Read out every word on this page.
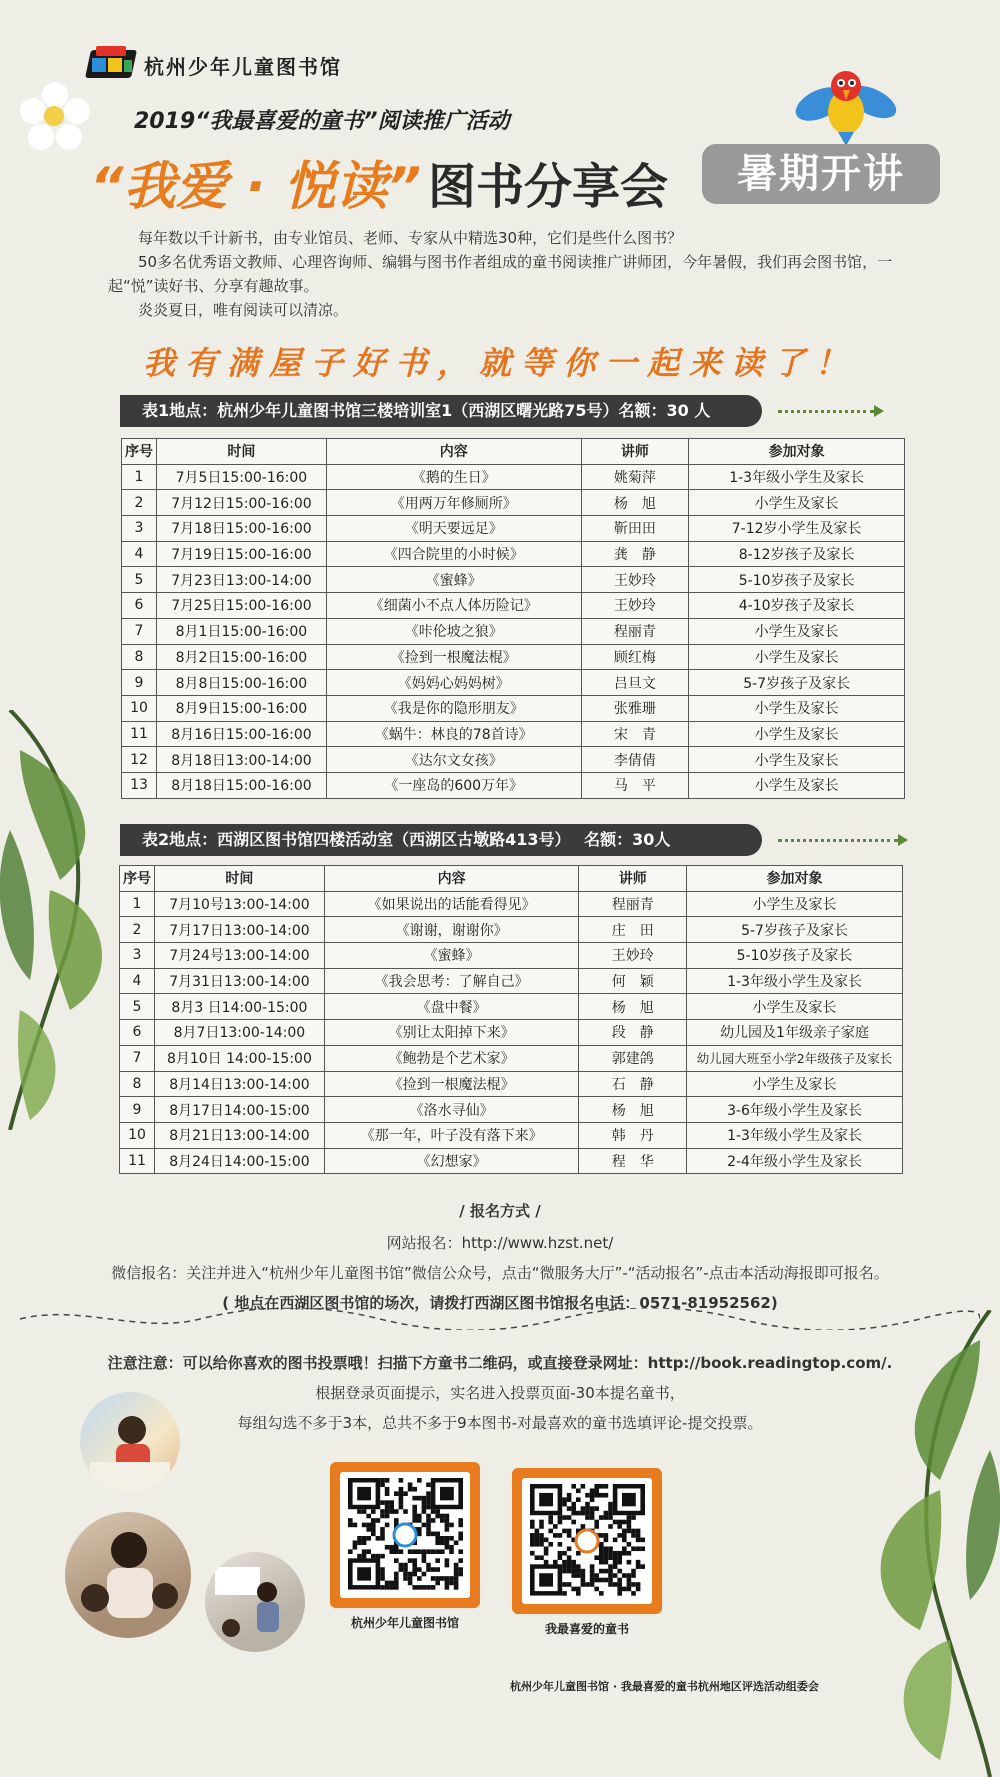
杭州少年儿童图书馆
2019“我最喜爱的童书”阅读推广活动
“我爱 · 悦读” 图书分享会	暑期开讲

每年数以千计新书，由专业馆员、老师、专家从中精选30种，它们是些什么图书？

50多名优秀语文教师、心理咨询师、编辑与图书作者组成的童书阅读推广讲师团，今年暑假，我们再会图书馆，一起“悦”读好书、分享有趣故事。

炎炎夏日，唯有阅读可以清凉。

我有满屋子好书，就等你一起来读了！
表1地点：杭州少年儿童图书馆三楼培训室1（西湖区曙光路75号）名额：30 人
序号	时间	内容	讲师	参加对象
1	7月5日15:00-16:00	《鹅的生日》	姚菊萍	1-3年级小学生及家长
2	7月12日15:00-16:00	《用两万年修厕所》	杨　旭	小学生及家长
3	7月18日15:00-16:00	《明天要远足》	靳田田	7-12岁小学生及家长
4	7月19日15:00-16:00	《四合院里的小时候》	龚　静	8-12岁孩子及家长
5	7月23日13:00-14:00	《蜜蜂》	王妙玲	5-10岁孩子及家长
6	7月25日15:00-16:00	《细菌小不点人体历险记》	王妙玲	4-10岁孩子及家长
7	8月1日15:00-16:00	《咔伦坡之狼》	程丽青	小学生及家长
8	8月2日15:00-16:00	《捡到一根魔法棍》	顾红梅	小学生及家长
9	8月8日15:00-16:00	《妈妈心妈妈树》	吕旦文	5-7岁孩子及家长
10	8月9日15:00-16:00	《我是你的隐形朋友》	张雅珊	小学生及家长
11	8月16日15:00-16:00	《蜗牛：林良的78首诗》	宋　青	小学生及家长
12	8月18日13:00-14:00	《达尔文女孩》	李倩倩	小学生及家长
13	8月18日15:00-16:00	《一座岛的600万年》	马　平	小学生及家长
表2地点：西湖区图书馆四楼活动室（西湖区古墩路413号）　 名额：30人
序号	时间	内容	讲师	参加对象
1	7月10号13:00-14:00	《如果说出的话能看得见》	程丽青	小学生及家长
2	7月17日13:00-14:00	《谢谢，谢谢你》	庄　田	5-7岁孩子及家长
3	7月24号13:00-14:00	《蜜蜂》	王妙玲	5-10岁孩子及家长
4	7月31日13:00-14:00	《我会思考：了解自己》	何　颖	1-3年级小学生及家长
5	8月3 日14:00-15:00	《盘中餐》	杨　旭	小学生及家长
6	8月7日13:00-14:00	《别让太阳掉下来》	段　静	幼儿园及1年级亲子家庭
7	8月10日 14:00-15:00	《鲍勃是个艺术家》	郭建鸽	幼儿园大班至小学2年级孩子及家长
8	8月14日13:00-14:00	《捡到一根魔法棍》	石　静	小学生及家长
9	8月17日14:00-15:00	《洛水寻仙》	杨　旭	3-6年级小学生及家长
10	8月21日13:00-14:00	《那一年，叶子没有落下来》	韩　丹	1-3年级小学生及家长
11	8月24日14:00-15:00	《幻想家》	程　华	2-4年级小学生及家长
/ 报名方式 /
网站报名：http://www.hzst.net/
微信报名：关注并进入“杭州少年儿童图书馆”微信公众号，点击“微服务大厅”-“活动报名”-点击本活动海报即可报名。
( 地点在西湖区图书馆的场次，请拨打西湖区图书馆报名电话：0571-81952562)
注意注意：可以给你喜欢的图书投票哦！扫描下方童书二维码，或直接登录网址：http://book.readingtop.com/.
根据登录页面提示，实名进入投票页面-30本提名童书，
每组勾选不多于3本，总共不多于9本图书-对最喜欢的童书选填评论-提交投票。
杭州少年儿童图书馆	我最喜爱的童书
杭州少年儿童图书馆 · 我最喜爱的童书杭州地区评选活动组委会
